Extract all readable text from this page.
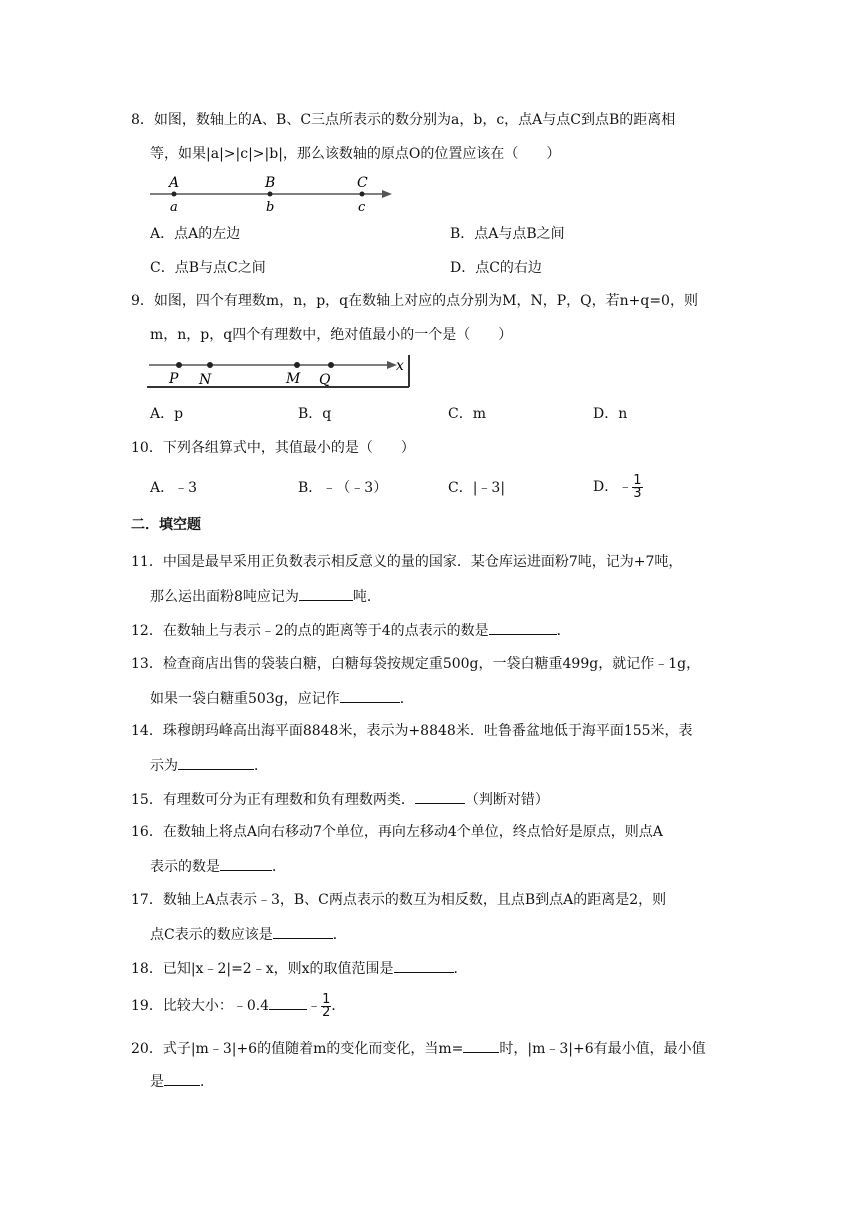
8．如图，数轴上的A、B、C三点所表示的数分别为a，b，c，点A与点C到点B的距离相
等，如果|a|>|c|>|b|，那么该数轴的原点O的位置应该在（　　）
A	B	C
a	b	c
A．点A的左边	B．点A与点B之间
C．点B与点C之间	D．点C的右边
9．如图，四个有理数m，n，p，q在数轴上对应的点分别为M，N，P，Q，若n+q=0，则
m，n，p，q四个有理数中，绝对值最小的一个是（　　）
P N	M Q
x
A．p	B．q	C．m	D．n
10．下列各组算式中，其值最小的是（　　）
A．﹣3	B．﹣（﹣3）	C．|﹣3|	D．﹣ $\frac{1}{3}$
二．填空题
11．中国是最早采用正负数表示相反意义的量的国家．某仓库运进面粉7吨，记为+7吨，
那么运出面粉8吨应记为	吨．
12．在数轴上与表示﹣2的点的距离等于4的点表示的数是	．
13．检查商店出售的袋装白糖，白糖每袋按规定重500g，一袋白糖重499g，就记作﹣1g，
如果一袋白糖重503g，应记作	．
14．珠穆朗玛峰高出海平面8848米，表示为+8848米．吐鲁番盆地低于海平面155米，表
示为	．
15．有理数可分为正有理数和负有理数两类．	（判断对错）
16．在数轴上将点A向右移动7个单位，再向左移动4个单位，终点恰好是原点，则点A
表示的数是	．
17．数轴上A点表示﹣3，B、C两点表示的数互为相反数，且点B到点A的距离是2，则
点C表示的数应该是	．
18．已知|x﹣2|=2﹣x，则x的取值范围是	．
19．比较大小：﹣0.4	﹣ $\frac{1}{2}$ ．
20．式子|m﹣3|+6的值随着m的变化而变化，当m=	时，|m﹣3|+6有最小值，最小值
是	．
